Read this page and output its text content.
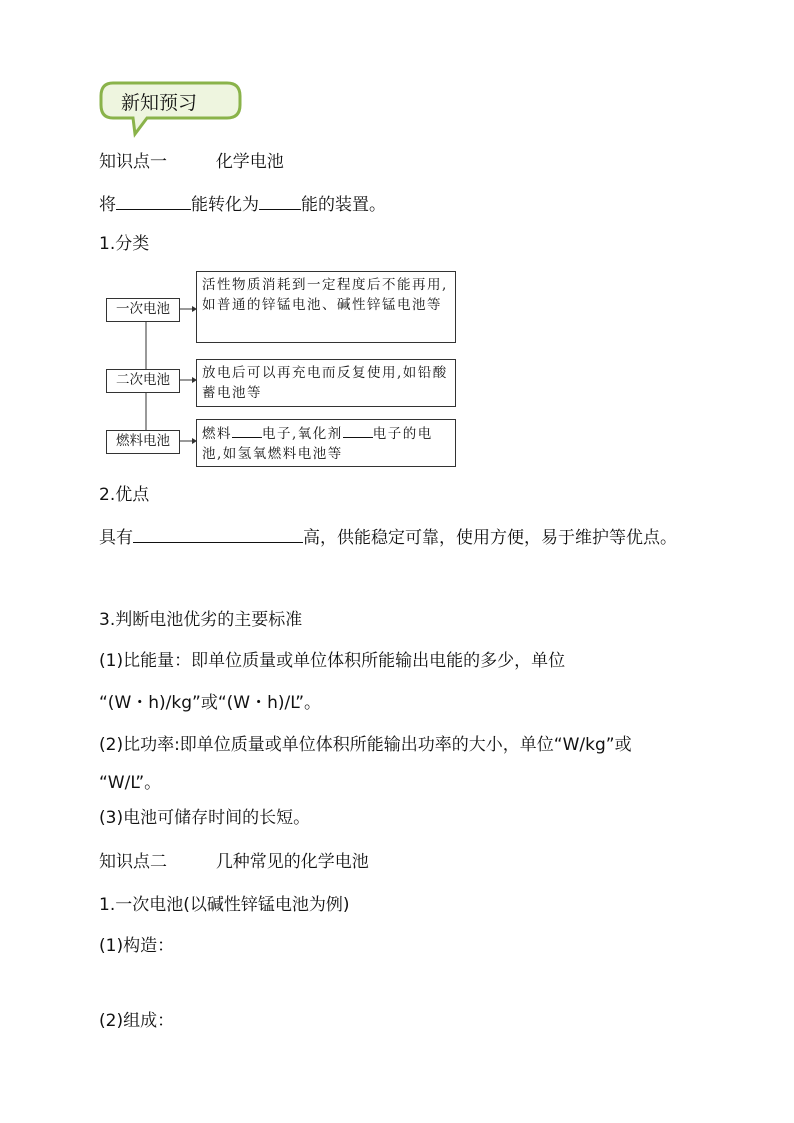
新知预习
知识点一	化学电池
将	能转化为 能的装置。
1.分类
一次电池
活性物质消耗到一定程度后不能再用,如普通的锌锰电池、碱性锌锰电池等
二次电池	放电后可以再充电而反复使用,如铅酸蓄电池等
燃料电池	燃料 电子,氧化剂 电子的电池,如氢氧燃料电池等
2.优点
具有	高，供能稳定可靠，使用方便，易于维护等优点。
3.判断电池优劣的主要标准
(1)比能量：即单位质量或单位体积所能输出电能的多少，单位
“(W・h)/kg”或“(W・h)/L”。
(2)比功率:即单位质量或单位体积所能输出功率的大小，单位“W/kg”或
“W/L”。
(3)电池可储存时间的长短。
知识点二	几种常见的化学电池
1.一次电池(以碱性锌锰电池为例)
(1)构造：
(2)组成：
